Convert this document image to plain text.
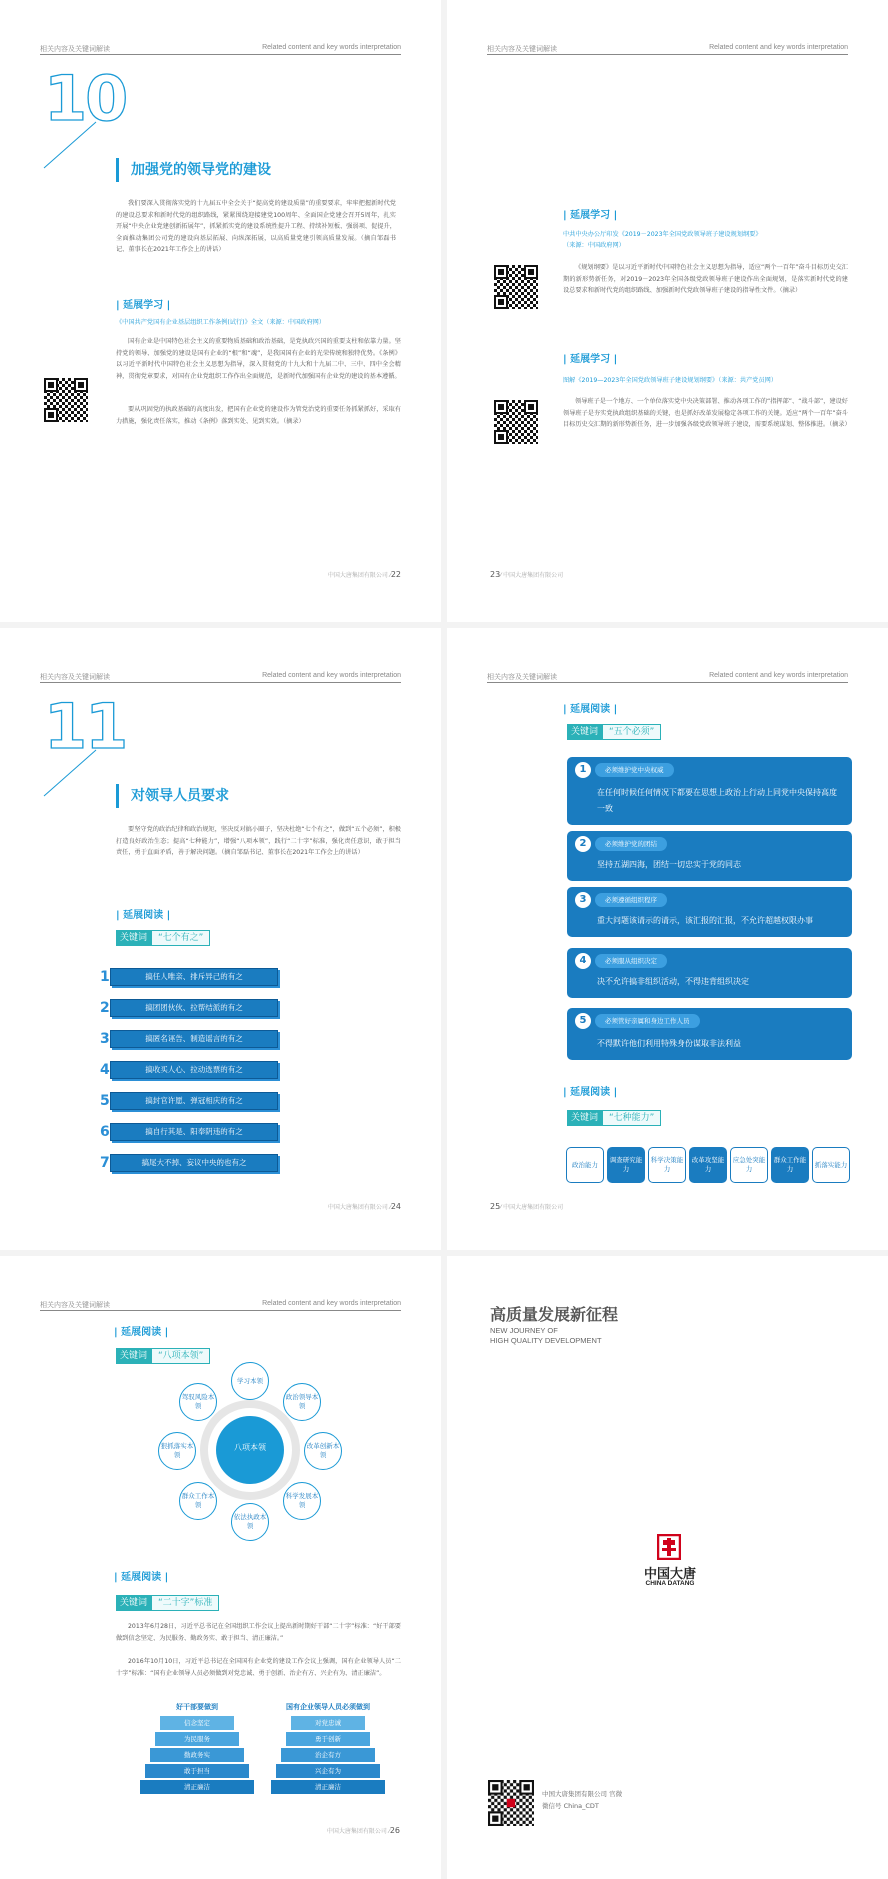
相关内容及关键词解读	Related content and key words interpretation
10
加强党的领导党的建设
我们要深入贯彻落实党的十九届五中全会关于“提高党的建设质量”的重要要求，牢牢把握新时代党的建设总要求和新时代党的组织路线，紧紧围绕迎接建党100周年、全面国企党建会召开5周年，扎实开展“中央企业党建创新拓展年”，抓紧抓实党的建设系统性提升工程、持续补短板、强弱项、促提升，全面推动集团公司党的建设向基层拓展、向纵深拓展，以高质量党建引领高质量发展。（摘自邹磊书记、董事长在2021年工作会上的讲话）
| 延展学习 |
《中国共产党国有企业基层组织工作条例(试行)》全文（来源：中国政府网）
国有企业是中国特色社会主义的重要物质基础和政治基础，是党执政兴国的重要支柱和依靠力量。坚持党的领导、加强党的建设是国有企业的“根”和“魂”，是我国国有企业的光荣传统和独特优势。《条例》以习近平新时代中国特色社会主义思想为指导，深入贯彻党的十九大和十九届二中、三中、四中全会精神，贯彻党章要求，对国有企业党组织工作作出全面规范，是新时代加强国有企业党的建设的基本遵循。
要从巩固党的执政基础的高度出发，把国有企业党的建设作为管党治党的重要任务抓紧抓好，采取有力措施，强化责任落实，推动《条例》落到实处、见到实效。（摘录）
中国大唐集团有限公司 ⁄22
相关内容及关键词解读	Related content and key words interpretation
| 延展学习 |
中共中央办公厅印发《2019－2023年全国党政领导班子建设规划纲要》
（来源：中国政府网）
《规划纲要》是以习近平新时代中国特色社会主义思想为指导，适应“两个一百年”奋斗目标历史交汇期的新形势新任务，对2019－2023年全国各级党政领导班子建设作出全面规划，是落实新时代党的建设总要求和新时代党的组织路线、加强新时代党政领导班子建设的指导性文件。（摘录）
| 延展学习 |
图解《2019—2023年全国党政领导班子建设规划纲要》（来源：共产党员网）
领导班子是一个地方、一个单位落实党中央决策部署、推动各项工作的“指挥部”、“战斗部”，建设好领导班子是夯实党执政组织基础的关键，也是抓好改革发展稳定各项工作的关键。适应“两个一百年”奋斗目标历史交汇期的新形势新任务，进一步加强各级党政领导班子建设，需要系统谋划、整体推进。（摘录）
23⁄ 中国大唐集团有限公司
相关内容及关键词解读	Related content and key words interpretation
11
对领导人员要求
要坚守党的政治纪律和政治规矩，坚决反对搞小圈子，坚决杜绝“七个有之”，做到“五个必须”，积极打造良好政治生态；提高“七种能力”，增强“八项本领”，践行“二十字”标准，强化责任意识，敢于担当责任，勇于直面矛盾，善于解决问题。（摘自邹磊书记、董事长在2021年工作会上的讲话）
| 延展阅读 |
关键词	“七个有之”
1	搞任人唯亲、排斥异己的有之
2	搞团团伙伙、拉帮结派的有之
3	搞匿名诬告、制造谣言的有之
4	搞收买人心、拉动选票的有之
5	搞封官许愿、弹冠相庆的有之
6	搞自行其是、阳奉阴违的有之
7	搞尾大不掉、妄议中央的也有之
中国大唐集团有限公司 ⁄24
相关内容及关键词解读	Related content and key words interpretation
| 延展阅读 |
关键词	“五个必须”
1	必须维护党中央权威
在任何时候任何情况下都要在思想上政治上行动上同党中央保持高度一致
2	必须维护党的团结
坚持五湖四海，团结一切忠实于党的同志
3	必须遵循组织程序
重大问题该请示的请示，该汇报的汇报，不允许超越权限办事
4	必须服从组织决定
决不允许搞非组织活动，不得违背组织决定
5	必须管好亲属和身边工作人员
不得默许他们利用特殊身份谋取非法利益
| 延展阅读 |
关键词	“七种能力”
政治能力
调查研究能力
科学决策能力
改革攻坚能力
应急处突能力
群众工作能力
抓落实能力
25⁄ 中国大唐集团有限公司
相关内容及关键词解读	Related content and key words interpretation
| 延展阅读 |
关键词	“八项本领”
八项本领
学习本领
政治领导本领
改革创新本领
科学发展本领
依法执政本领
群众工作本领
狠抓落实本领
驾驭风险本领
| 延展阅读 |
关键词	“二十字”标准
2013年6月28日，习近平总书记在全国组织工作会议上提出新时期好干部“二十字”标准：“好干部要做到信念坚定、为民服务、勤政务实、敢于担当、清正廉洁。”
2016年10月10日，习近平总书记在全国国有企业党的建设工作会议上强调，国有企业领导人员“二十字”标准：“国有企业领导人员必须做到对党忠诚、勇于创新、治企有方、兴企有为、清正廉洁”。
好干部要做到	国有企业领导人员必须做到
信念坚定
为民服务
勤政务实
敢于担当
清正廉洁
对党忠诚
勇于创新
治企有方
兴企有为
清正廉洁
中国大唐集团有限公司 ⁄26
高质量发展新征程
NEW JOURNEY OF
HIGH QUALITY DEVELOPMENT
中国大唐
CHINA DATANG
中国大唐集团有限公司 官微
微信号 China_CDT
